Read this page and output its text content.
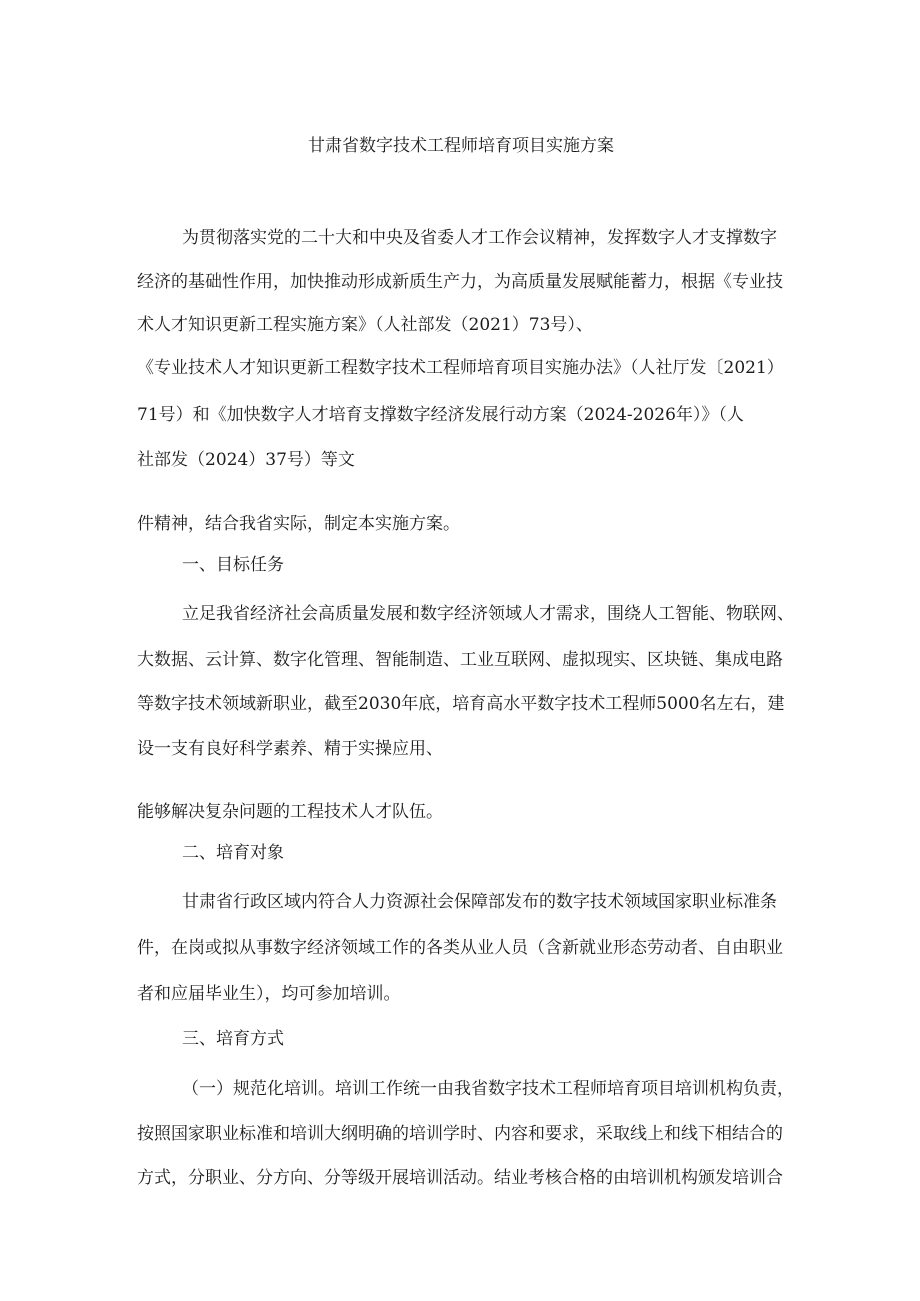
甘肃省数字技术工程师培育项目实施方案
为贯彻落实党的二十大和中央及省委人才工作会议精神，发挥数字人才支撑数字
经济的基础性作用，加快推动形成新质生产力，为高质量发展赋能蓄力，根据《专业技
术人才知识更新工程实施方案》（人社部发（2021）73号）、
《专业技术人才知识更新工程数字技术工程师培育项目实施办法》（人社厅发〔2021）
71号）和《加快数字人才培育支撑数字经济发展行动方案（2024-2026年）》（人
社部发（2024）37号）等文
件精神，结合我省实际，制定本实施方案。
一、目标任务
立足我省经济社会高质量发展和数字经济领域人才需求，围绕人工智能、物联网、
大数据、云计算、数字化管理、智能制造、工业互联网、虚拟现实、区块链、集成电路
等数字技术领域新职业，截至2030年底，培育高水平数字技术工程师5000名左右，建
设一支有良好科学素养、精于实操应用、
能够解决复杂问题的工程技术人才队伍。
二、培育对象
甘肃省行政区域内符合人力资源社会保障部发布的数字技术领域国家职业标准条
件，在岗或拟从事数字经济领域工作的各类从业人员（含新就业形态劳动者、自由职业
者和应届毕业生），均可参加培训。
三、培育方式
（一）规范化培训。培训工作统一由我省数字技术工程师培育项目培训机构负责，
按照国家职业标准和培训大纲明确的培训学时、内容和要求，采取线上和线下相结合的
方式，分职业、分方向、分等级开展培训活动。结业考核合格的由培训机构颁发培训合
